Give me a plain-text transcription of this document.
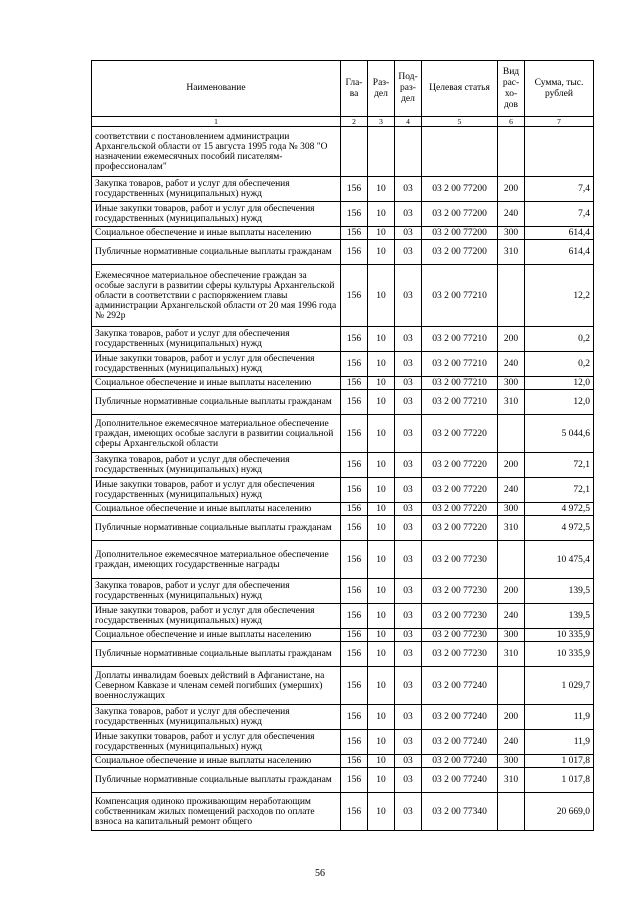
Наименование	Гла-ва	Раз-дел	Под-раз-дел	Целевая статья	Вид рас-хо-дов	Сумма, тыс. рублей
1	2	3	4	5	6	7
соответствии с постановлением администрации Архангельской области от 15 августа 1995 года № 308 "О назначении ежемесячных пособий писателям-профессионалам"						
Закупка товаров, работ и услуг для обеспечения государственных (муниципальных) нужд	156	10	03	03 2 00 77200	200	7,4
Иные закупки товаров, работ и услуг для обеспечения государственных (муниципальных) нужд	156	10	03	03 2 00 77200	240	7,4
Социальное обеспечение и иные выплаты населению	156	10	03	03 2 00 77200	300	614,4
Публичные нормативные социальные выплаты гражданам	156	10	03	03 2 00 77200	310	614,4
Ежемесячное материальное обеспечение граждан за особые заслуги в развитии сферы культуры Архангельской области в соответствии с распоряжением главы администрации Архангельской области от 20 мая 1996 года № 292р	156	10	03	03 2 00 77210		12,2
Закупка товаров, работ и услуг для обеспечения государственных (муниципальных) нужд	156	10	03	03 2 00 77210	200	0,2
Иные закупки товаров, работ и услуг для обеспечения государственных (муниципальных) нужд	156	10	03	03 2 00 77210	240	0,2
Социальное обеспечение и иные выплаты населению	156	10	03	03 2 00 77210	300	12,0
Публичные нормативные социальные выплаты гражданам	156	10	03	03 2 00 77210	310	12,0
Дополнительное ежемесячное материальное обеспечение граждан, имеющих особые заслуги в развитии социальной сферы Архангельской области	156	10	03	03 2 00 77220		5 044,6
Закупка товаров, работ и услуг для обеспечения государственных (муниципальных) нужд	156	10	03	03 2 00 77220	200	72,1
Иные закупки товаров, работ и услуг для обеспечения государственных (муниципальных) нужд	156	10	03	03 2 00 77220	240	72,1
Социальное обеспечение и иные выплаты населению	156	10	03	03 2 00 77220	300	4 972,5
Публичные нормативные социальные выплаты гражданам	156	10	03	03 2 00 77220	310	4 972,5
Дополнительное ежемесячное материальное обеспечение граждан, имеющих государственные награды	156	10	03	03 2 00 77230		10 475,4
Закупка товаров, работ и услуг для обеспечения государственных (муниципальных) нужд	156	10	03	03 2 00 77230	200	139,5
Иные закупки товаров, работ и услуг для обеспечения государственных (муниципальных) нужд	156	10	03	03 2 00 77230	240	139,5
Социальное обеспечение и иные выплаты населению	156	10	03	03 2 00 77230	300	10 335,9
Публичные нормативные социальные выплаты гражданам	156	10	03	03 2 00 77230	310	10 335,9
Доплаты инвалидам боевых действий в Афганистане, на Северном Кавказе и членам семей погибших (умерших) военнослужащих	156	10	03	03 2 00 77240		1 029,7
Закупка товаров, работ и услуг для обеспечения государственных (муниципальных) нужд	156	10	03	03 2 00 77240	200	11,9
Иные закупки товаров, работ и услуг для обеспечения государственных (муниципальных) нужд	156	10	03	03 2 00 77240	240	11,9
Социальное обеспечение и иные выплаты населению	156	10	03	03 2 00 77240	300	1 017,8
Публичные нормативные социальные выплаты гражданам	156	10	03	03 2 00 77240	310	1 017,8
Компенсация одиноко проживающим неработающим собственникам жилых помещений расходов по оплате взноса на капитальный ремонт общего	156	10	03	03 2 00 77340		20 669,0
56
